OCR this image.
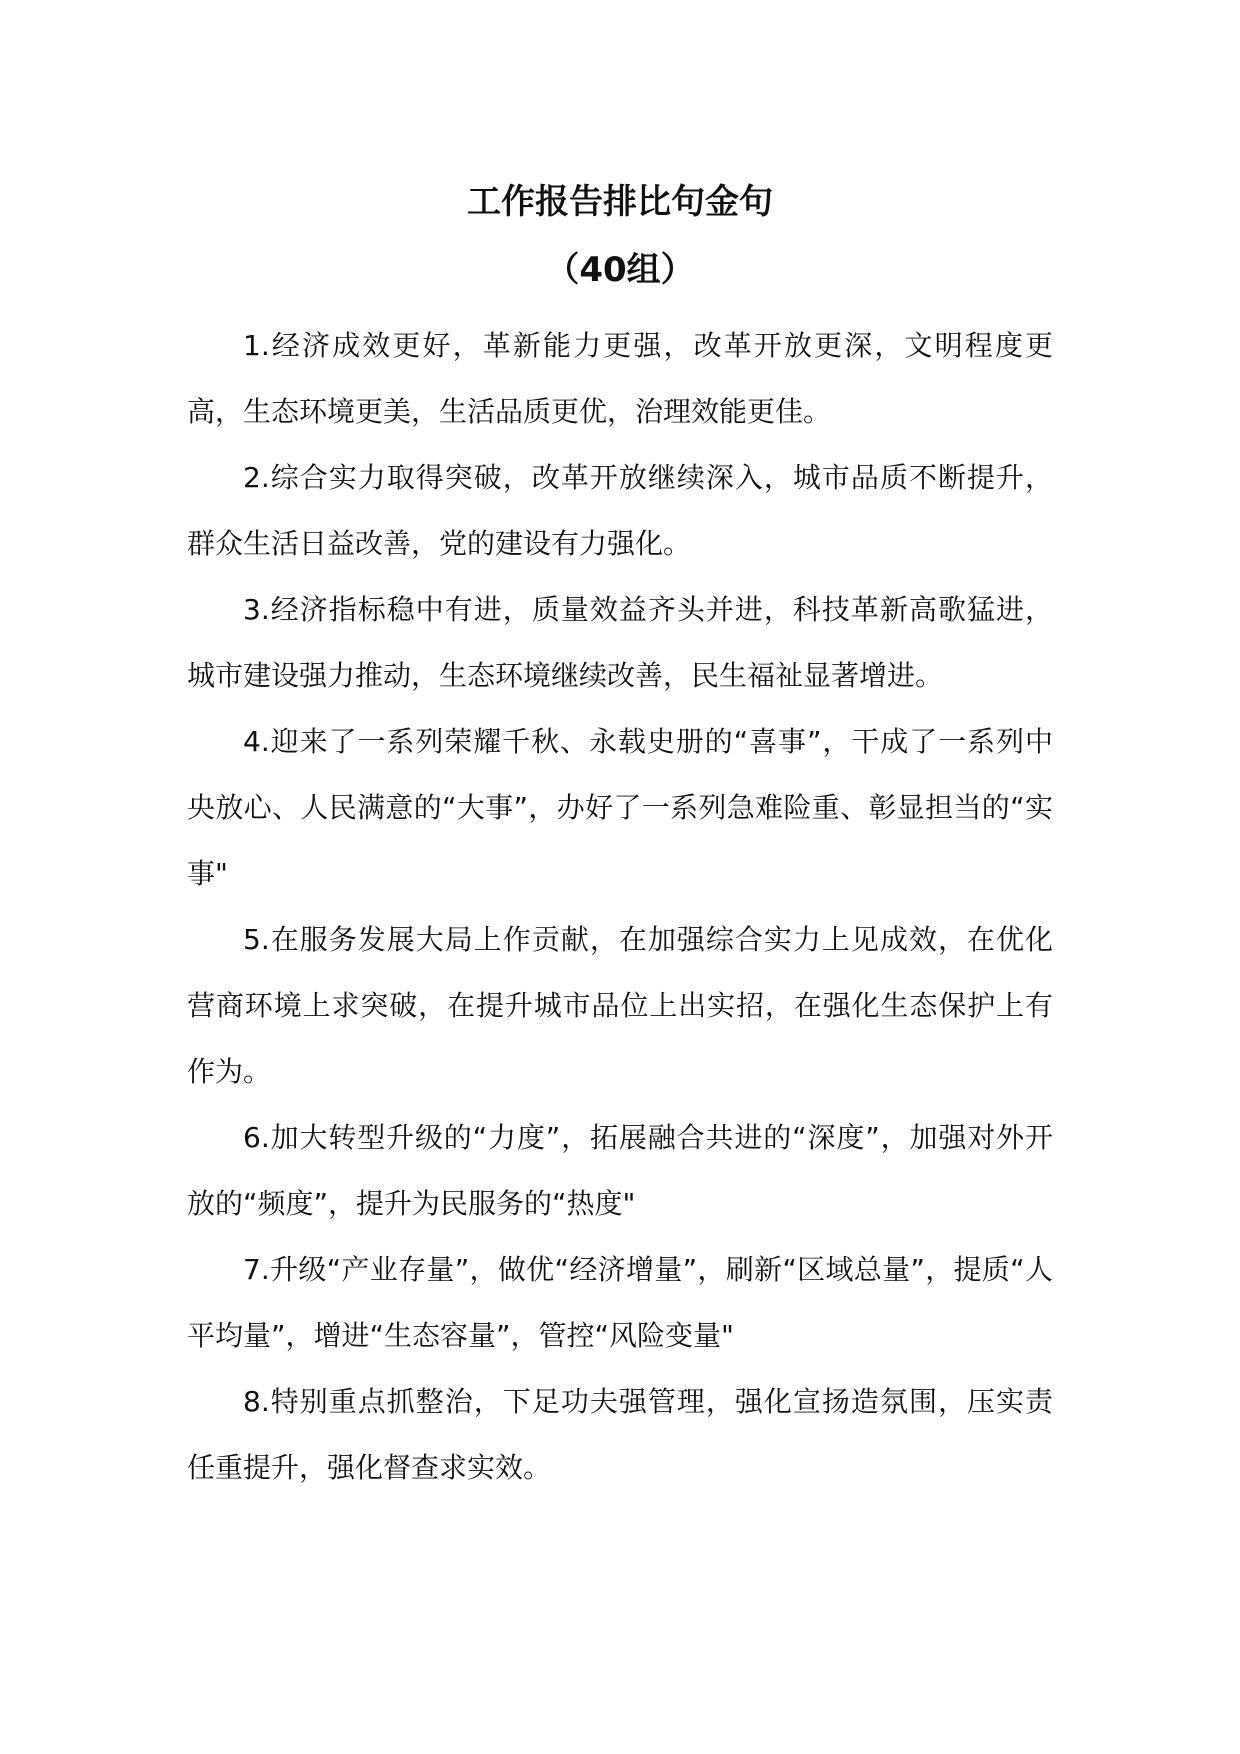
工作报告排比句金句
（40组）

1.经济成效更好，革新能力更强，改革开放更深，文明程度更高，生态环境更美，生活品质更优，治理效能更佳。

2.综合实力取得突破，改革开放继续深入，城市品质不断提升，群众生活日益改善，党的建设有力强化。

3.经济指标稳中有进，质量效益齐头并进，科技革新高歌猛进，城市建设强力推动，生态环境继续改善，民生福祉显著增进。

4.迎来了一系列荣耀千秋、永载史册的“喜事”，干成了一系列中央放心、人民满意的“大事”，办好了一系列急难险重、彰显担当的“实事"

5.在服务发展大局上作贡献，在加强综合实力上见成效，在优化营商环境上求突破，在提升城市品位上出实招，在强化生态保护上有作为。

6.加大转型升级的“力度”，拓展融合共进的“深度”，加强对外开放的“频度”，提升为民服务的“热度"

7.升级“产业存量”，做优“经济增量”，刷新“区域总量”，提质“人平均量”，增进“生态容量”，管控“风险变量"

8.特别重点抓整治，下足功夫强管理，强化宣扬造氛围，压实责任重提升，强化督查求实效。
